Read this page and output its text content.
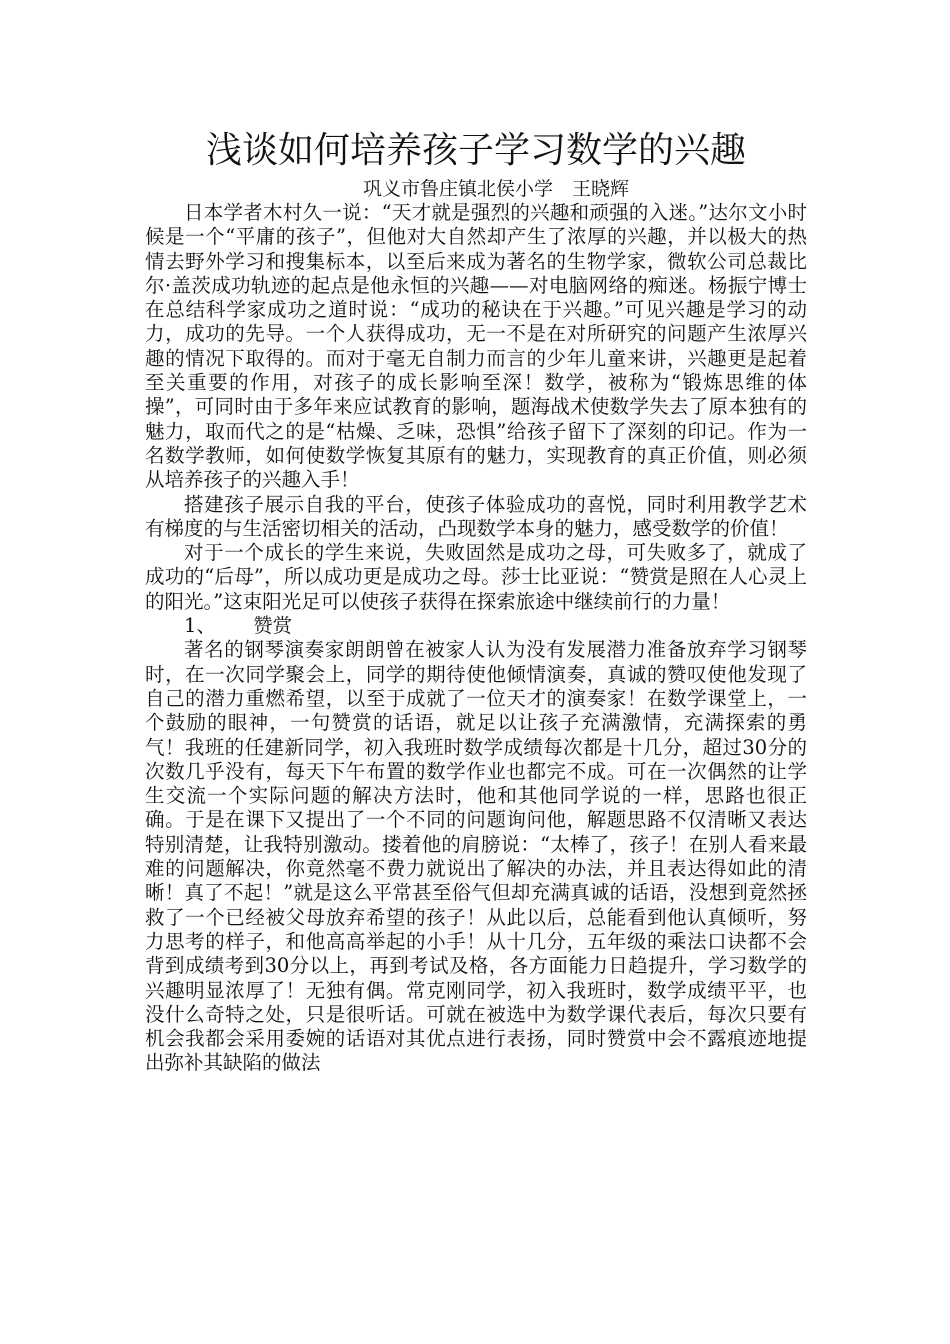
浅谈如何培养孩子学习数学的兴趣
巩义市鲁庄镇北侯小学　王晓辉

日本学者木村久一说：“天才就是强烈的兴趣和顽强的入迷。”达尔文小时候是一个“平庸的孩子”，但他对大自然却产生了浓厚的兴趣，并以极大的热情去野外学习和搜集标本，以至后来成为著名的生物学家，微软公司总裁比尔·盖茨成功轨迹的起点是他永恒的兴趣——对电脑网络的痴迷。杨振宁博士在总结科学家成功之道时说：“成功的秘诀在于兴趣。”可见兴趣是学习的动力，成功的先导。一个人获得成功，无一不是在对所研究的问题产生浓厚兴趣的情况下取得的。而对于毫无自制力而言的少年儿童来讲，兴趣更是起着至关重要的作用，对孩子的成长影响至深！数学，被称为“锻炼思维的体操”，可同时由于多年来应试教育的影响，题海战术使数学失去了原本独有的魅力，取而代之的是“枯燥、乏味，恐惧”给孩子留下了深刻的印记。作为一名数学教师，如何使数学恢复其原有的魅力，实现教育的真正价值，则必须从培养孩子的兴趣入手！

搭建孩子展示自我的平台，使孩子体验成功的喜悦，同时利用教学艺术有梯度的与生活密切相关的活动，凸现数学本身的魅力，感受数学的价值！

对于一个成长的学生来说，失败固然是成功之母，可失败多了，就成了成功的“后母”，所以成功更是成功之母。莎士比亚说：“赞赏是照在人心灵上的阳光。”这束阳光足可以使孩子获得在探索旅途中继续前行的力量！

1、 赞赏

著名的钢琴演奏家朗朗曾在被家人认为没有发展潜力准备放弃学习钢琴时，在一次同学聚会上，同学的期待使他倾情演奏，真诚的赞叹使他发现了自己的潜力重燃希望，以至于成就了一位天才的演奏家！在数学课堂上，一个鼓励的眼神，一句赞赏的话语，就足以让孩子充满激情，充满探索的勇气！我班的任建新同学，初入我班时数学成绩每次都是十几分，超过30分的次数几乎没有，每天下午布置的数学作业也都完不成。可在一次偶然的让学生交流一个实际问题的解决方法时，他和其他同学说的一样，思路也很正确。于是在课下又提出了一个不同的问题询问他，解题思路不仅清晰又表达特别清楚，让我特别激动。搂着他的肩膀说：“太棒了，孩子！在别人看来最难的问题解决，你竟然毫不费力就说出了解决的办法，并且表达得如此的清晰！真了不起！”就是这么平常甚至俗气但却充满真诚的话语，没想到竟然拯救了一个已经被父母放弃希望的孩子！从此以后，总能看到他认真倾听，努力思考的样子，和他高高举起的小手！从十几分，五年级的乘法口诀都不会背到成绩考到30分以上，再到考试及格，各方面能力日趋提升，学习数学的兴趣明显浓厚了！无独有偶。常克刚同学，初入我班时，数学成绩平平，也没什么奇特之处，只是很听话。可就在被选中为数学课代表后，每次只要有机会我都会采用委婉的话语对其优点进行表扬，同时赞赏中会不露痕迹地提出弥补其缺陷的做法
